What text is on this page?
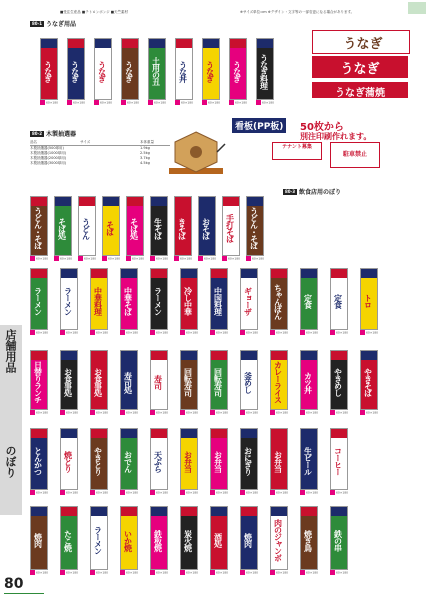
■受注生産品 ■テトロンポンジ ■天竺素材	※サイズ単位:cm ※デザイン・文字等の一部変更になる場合があります。
80-1 うなぎ用品
うなぎ
60×180
うなぎ
60×180
うなぎ
60×180
うなぎ
60×180
土用の丑
60×180
うな丼
60×180
うなぎ
60×180
うなぎ
60×180
うなぎ料理
60×180
うなぎ
うなぎ
うなぎ蒲焼
80-2 木製抽選器
品名	サイズ	本体重量
木製抽選器(500球用)	1.9kg
木製抽選器(1000球用)	2.5kg
木製抽選器(2000球用)	3.7kg
木製抽選器(3000球用)	4.5kg
看板(PP板)	50枚から
別注印刷作れます。
テナント募集
駐車禁止
80-3 飲食店用のぼり
うどん・そば
60×180
そば処
60×180
うどん
60×180
そば
60×180
そば処
60×180
生そば
60×180
きそば
60×180
おそば
60×180
手打そば
60×180
うどん・そば
60×180
ラーメン
60×180
ラーメン
60×180
中華料理
60×180
中華そば
60×180
ラーメン
60×180
冷し中華
60×180
中国料理
60×180
ギョーザ
60×180
ちゃんぽん
60×180
定食
60×180
定食
60×180
トロ
60×180
日替りランチ
60×180
お食事処
60×180
お食事処
60×180
寿司処
60×180
寿司
60×180
回転寿司
60×180
回転寿司
60×180
釜めし
60×180
カレーライス
60×180
カツ丼
60×180
やきめし
60×180
やきそば
60×180
とんかつ
60×180
焼とり
60×180
やきとり
60×180
おでん
60×180
天ぷら
60×180
お弁当
60×180
お弁当
60×180
おにぎり
60×180
お弁当
60×180
生ビール
60×180
コーヒー
60×180
焼肉
60×180
たこ焼
60×180
ラーメン
60×180
いか焼
60×180
鉄板焼
60×180
炭火焼
60×180
酒処
60×180
焼肉
60×180
肉のジャンボ
60×180
焼き鳥
60×180
鉄の串
60×180
店舗用品
のぼり
80
